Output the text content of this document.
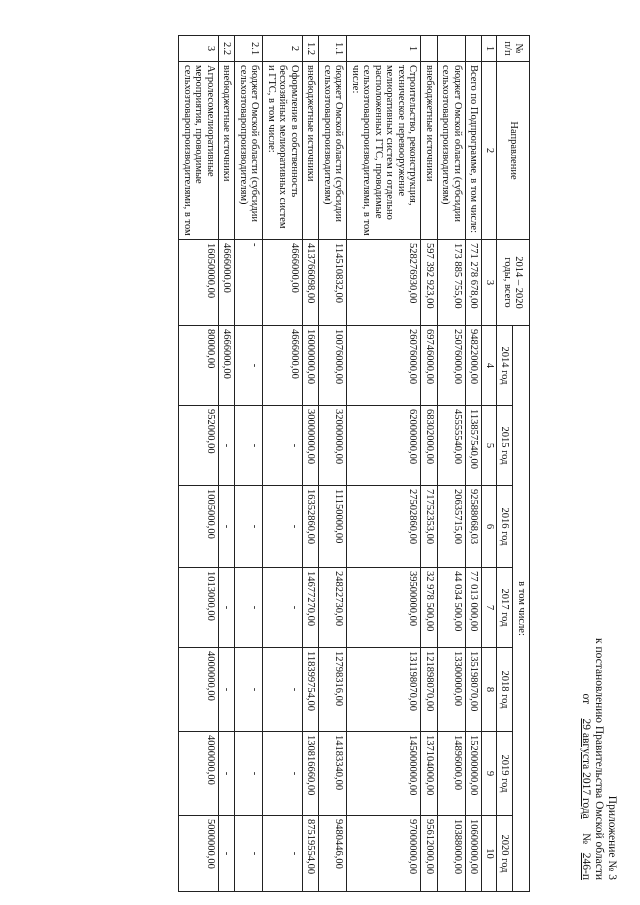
Приложение № 3
к постановлению Правительства Омской области
от     29 августа 2017 года     №   246-п
№ п/п	Направление	2014 – 2020 годы, всего	в том числе:						
			2014 год	2015 год	2016 год	2017 год	2018 год	2019 год	2020 год
1	2	3	4	5	6	7	8	9	10
	Всего по Подпрограмме, в том числе:	771 278 678,00	94822000,00	113857540,00	92588068,03	77 013 000,00	135198070,00	152000000,00	10600000,00
	бюджет Омской области (субсидии сельхозтоваропроизводителям)	173 885 755,00	25076000,00	45555540,00	20635715,00	44 034 500,00	13300000,00	14896000,00	10388000,00
	внебюджетные источники	597 392 923,00	69746000,00	68302000,00	71752353,00	32 978 500,00	121898070,00	137104000,00	95612000,00
1	Строительство, реконструкция, техническое перевооружение мелиоративных систем и отдельно расположенных ГТС, проводимые сельхозтоваропроизводителями, в том числе:	528276930,00	26076000,00	62000000,00	27502860,00	39500000,00	131198070,00	145000000,00	97000000,00
1.1	бюджет Омской области (субсидии сельхозтоваропроизводителям)	114510832,00	10076000,00	32000000,00	11150000,00	24822730,00	12798316,00	14183340,00	9480446,00
1.2	внебюджетные источники	413766098,00	16000000,00	30000000,00	16352860,00	14677270,00	118399754,00	130816660,00	87519554,00
2	Оформление в собственность бесхозяйных мелиоративных систем и ГТС, в том числе:	4666000,00	4666000,00	-	-	-	-	-	-
2.1	бюджет Омской области (субсидии сельхозтоваропроизводителям)	-	-	-	-	-	-	-	-
2.2	внебюджетные источники	4666000,00	4666000,00	-	-	-	-	-	-
3	Агролесомелиоративные мероприятия, проводимые сельхозтоваропроизводителями, в том	16050000,00	80000,00	952000,00	1005000,00	1013000,00	4000000,00	4000000,00	5000000,00
